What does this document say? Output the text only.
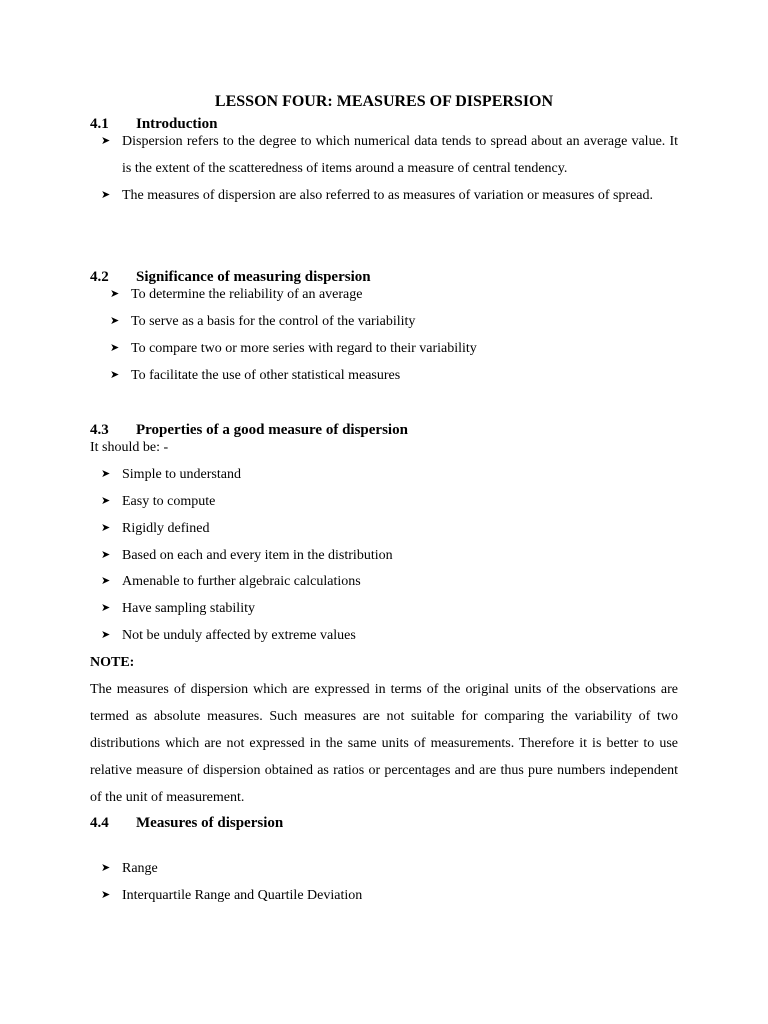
LESSON FOUR: MEASURES OF DISPERSION
4.1 Introduction
➤ Dispersion refers to the degree to which numerical data tends to spread about an average value. It is the extent of the scatteredness of items around a measure of central tendency.
➤ The measures of dispersion are also referred to as measures of variation or measures of spread.
4.2 Significance of measuring dispersion
➤ To determine the reliability of an average
➤ To serve as a basis for the control of the variability
➤ To compare two or more series with regard to their variability
➤ To facilitate the use of other statistical measures
4.3 Properties of a good measure of dispersion

It should be: -

➤ Simple to understand
➤ Easy to compute
➤ Rigidly defined
➤ Based on each and every item in the distribution
➤ Amenable to further algebraic calculations
➤ Have sampling stability
➤ Not be unduly affected by extreme values

NOTE:

The measures of dispersion which are expressed in terms of the original units of the observations are termed as absolute measures. Such measures are not suitable for comparing the variability of two distributions which are not expressed in the same units of measurements. Therefore it is better to use relative measure of dispersion obtained as ratios or percentages and are thus pure numbers independent of the unit of measurement.

4.4 Measures of dispersion
➤ Range
➤ Interquartile Range and Quartile Deviation
